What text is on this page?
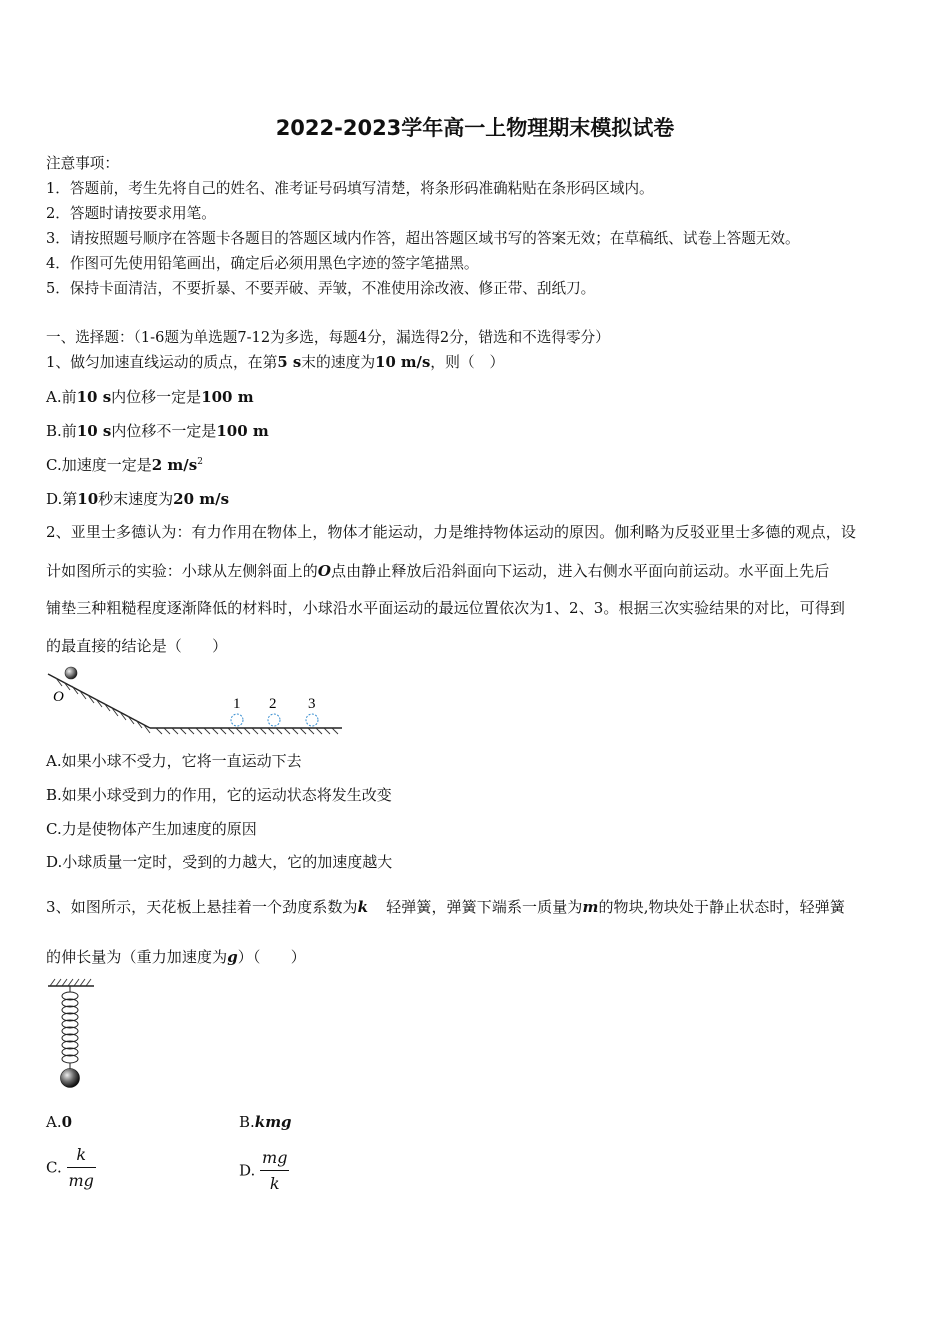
2022-2023学年高一上物理期末模拟试卷
注意事项：
1．答题前，考生先将自己的姓名、准考证号码填写清楚，将条形码准确粘贴在条形码区域内。
2．答题时请按要求用笔。
3．请按照题号顺序在答题卡各题目的答题区域内作答，超出答题区域书写的答案无效；在草稿纸、试卷上答题无效。
4．作图可先使用铅笔画出，确定后必须用黑色字迹的签字笔描黑。
5．保持卡面清洁，不要折暴、不要弄破、弄皱，不准使用涂改液、修正带、刮纸刀。
一、选择题：（1-6题为单选题7-12为多选，每题4分，漏选得2分，错选和不选得零分）
1、做匀加速直线运动的质点，在第5 s末的速度为10 m/s，则（　）
A.前10 s内位移一定是100 m
B.前10 s内位移不一定是100 m
C.加速度一定是2 $m/s^2$
D.第10秒末速度为20 m/s
2、亚里士多德认为：有力作用在物体上，物体才能运动，力是维持物体运动的原因。伽利略为反驳亚里士多德的观点，设
计如图所示的实验：小球从左侧斜面上的O点由静止释放后沿斜面向下运动，进入右侧水平面向前运动。水平面上先后
铺垫三种粗糙程度逐渐降低的材料时，小球沿水平面运动的最远位置依次为1、2、3。根据三次实验结果的对比，可得到
的最直接的结论是（　　）
O	1 2 3
A.如果小球不受力，它将一直运动下去
B.如果小球受到力的作用，它的运动状态将发生改变
C.力是使物体产生加速度的原因
D.小球质量一定时，受到的力越大，它的加速度越大
3、如图所示，天花板上悬挂着一个劲度系数为k 轻弹簧，弹簧下端系一质量为m的物块,物块处于静止状态时，轻弹簧
的伸长量为（重力加速度为g）（　　）
A.0	B.kmg
C. $\frac{k}{mg}$	D. $\frac{mg}{k}$
